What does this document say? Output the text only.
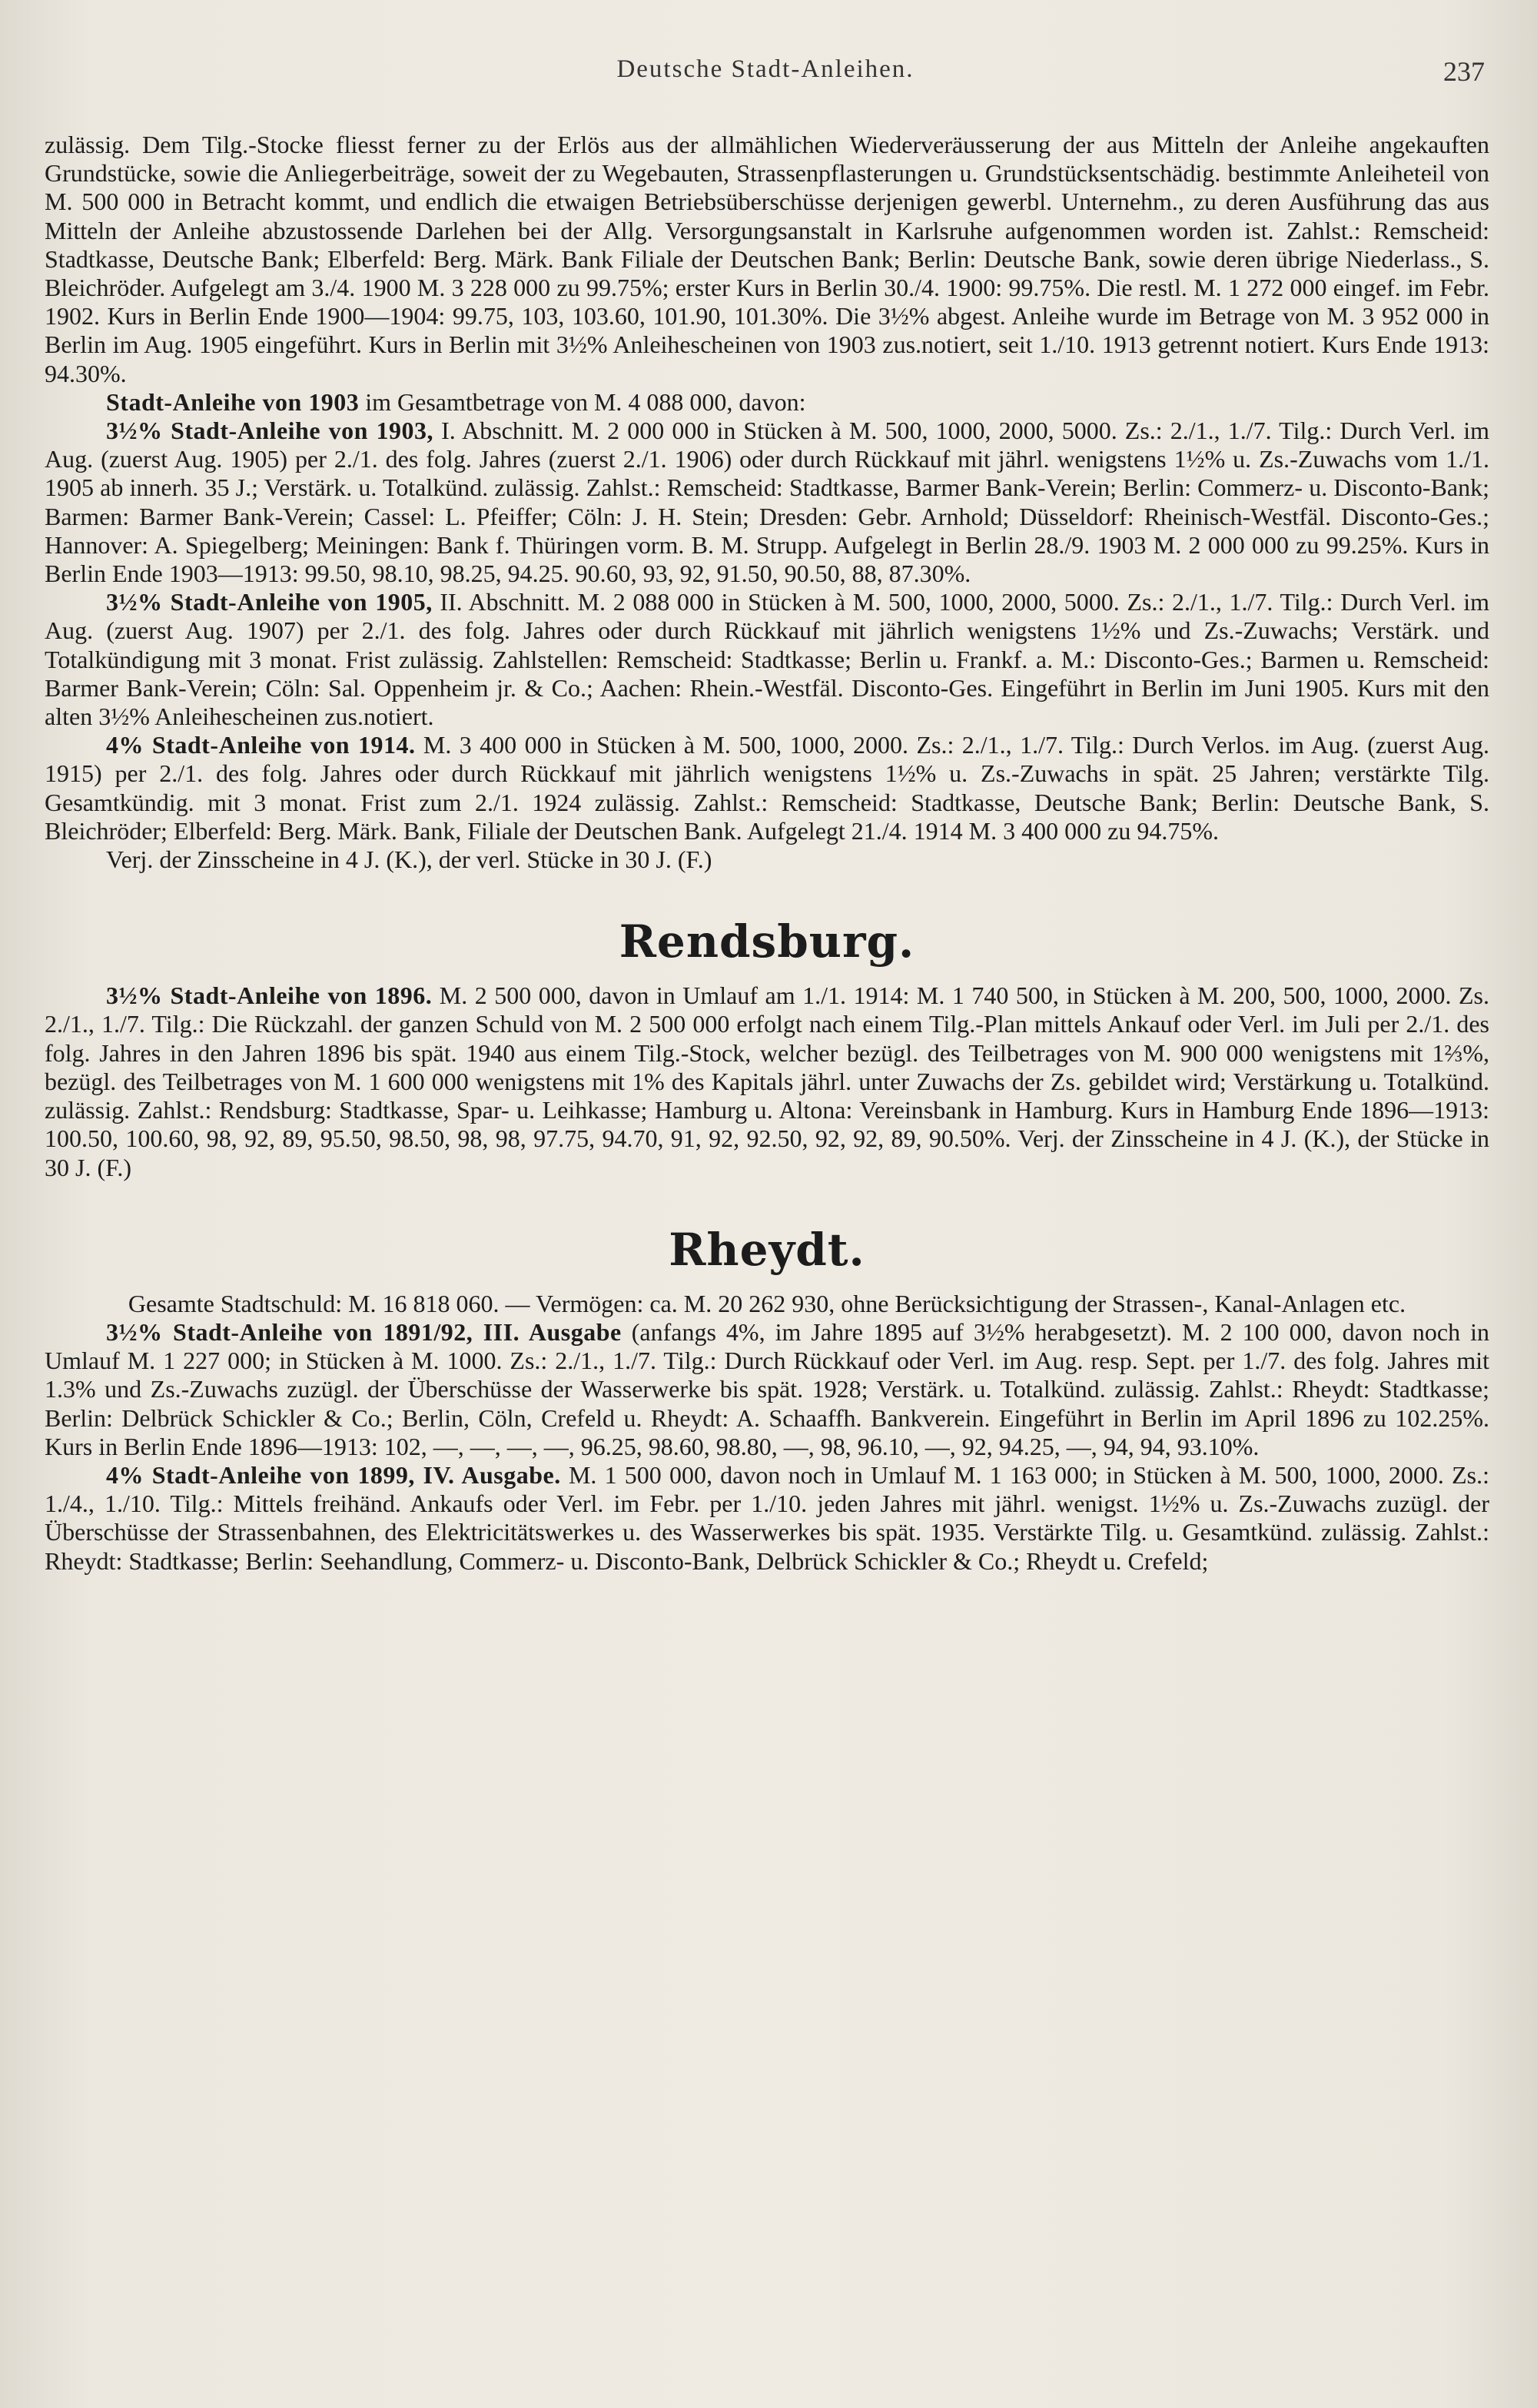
Deutsche Stadt-Anleihen.	237

zulässig. Dem Tilg.-Stocke fliesst ferner zu der Erlös aus der allmählichen Wiederveräusserung der aus Mitteln der Anleihe angekauften Grundstücke, sowie die Anliegerbeiträge, soweit der zu Wegebauten, Strassenpflasterungen u. Grundstücksentschädig. bestimmte Anleiheteil von M. 500 000 in Betracht kommt, und endlich die etwaigen Betriebsüberschüsse derjenigen gewerbl. Unternehm., zu deren Ausführung das aus Mitteln der Anleihe abzustossende Darlehen bei der Allg. Versorgungsanstalt in Karlsruhe aufgenommen worden ist. Zahlst.: Remscheid: Stadtkasse, Deutsche Bank; Elberfeld: Berg. Märk. Bank Filiale der Deutschen Bank; Berlin: Deutsche Bank, sowie deren übrige Niederlass., S. Bleichröder. Aufgelegt am 3./4. 1900 M. 3 228 000 zu 99.75%; erster Kurs in Berlin 30./4. 1900: 99.75%. Die restl. M. 1 272 000 eingef. im Febr. 1902. Kurs in Berlin Ende 1900—1904: 99.75, 103, 103.60, 101.90, 101.30%. Die 3½% abgest. Anleihe wurde im Betrage von M. 3 952 000 in Berlin im Aug. 1905 eingeführt. Kurs in Berlin mit 3½% Anleihescheinen von 1903 zus.notiert, seit 1./10. 1913 getrennt notiert. Kurs Ende 1913: 94.30%.

Stadt-Anleihe von 1903 im Gesamtbetrage von M. 4 088 000, davon:

3½% Stadt-Anleihe von 1903, I. Abschnitt. M. 2 000 000 in Stücken à M. 500, 1000, 2000, 5000. Zs.: 2./1., 1./7. Tilg.: Durch Verl. im Aug. (zuerst Aug. 1905) per 2./1. des folg. Jahres (zuerst 2./1. 1906) oder durch Rückkauf mit jährl. wenigstens 1½% u. Zs.-Zuwachs vom 1./1. 1905 ab innerh. 35 J.; Verstärk. u. Totalkünd. zulässig. Zahlst.: Remscheid: Stadtkasse, Barmer Bank-Verein; Berlin: Commerz- u. Disconto-Bank; Barmen: Barmer Bank-Verein; Cassel: L. Pfeiffer; Cöln: J. H. Stein; Dresden: Gebr. Arnhold; Düsseldorf: Rheinisch-Westfäl. Disconto-Ges.; Hannover: A. Spiegelberg; Meiningen: Bank f. Thüringen vorm. B. M. Strupp. Aufgelegt in Berlin 28./9. 1903 M. 2 000 000 zu 99.25%. Kurs in Berlin Ende 1903—1913: 99.50, 98.10, 98.25, 94.25. 90.60, 93, 92, 91.50, 90.50, 88, 87.30%.

3½% Stadt-Anleihe von 1905, II. Abschnitt. M. 2 088 000 in Stücken à M. 500, 1000, 2000, 5000. Zs.: 2./1., 1./7. Tilg.: Durch Verl. im Aug. (zuerst Aug. 1907) per 2./1. des folg. Jahres oder durch Rückkauf mit jährlich wenigstens 1½% und Zs.-Zuwachs; Verstärk. und Totalkündigung mit 3 monat. Frist zulässig. Zahlstellen: Remscheid: Stadtkasse; Berlin u. Frankf. a. M.: Disconto-Ges.; Barmen u. Remscheid: Barmer Bank-Verein; Cöln: Sal. Oppenheim jr. & Co.; Aachen: Rhein.-Westfäl. Disconto-Ges. Eingeführt in Berlin im Juni 1905. Kurs mit den alten 3½% Anleihescheinen zus.notiert.

4% Stadt-Anleihe von 1914. M. 3 400 000 in Stücken à M. 500, 1000, 2000. Zs.: 2./1., 1./7. Tilg.: Durch Verlos. im Aug. (zuerst Aug. 1915) per 2./1. des folg. Jahres oder durch Rückkauf mit jährlich wenigstens 1½% u. Zs.-Zuwachs in spät. 25 Jahren; verstärkte Tilg. Gesamtkündig. mit 3 monat. Frist zum 2./1. 1924 zulässig. Zahlst.: Remscheid: Stadtkasse, Deutsche Bank; Berlin: Deutsche Bank, S. Bleichröder; Elberfeld: Berg. Märk. Bank, Filiale der Deutschen Bank. Aufgelegt 21./4. 1914 M. 3 400 000 zu 94.75%.

Verj. der Zinsscheine in 4 J. (K.), der verl. Stücke in 30 J. (F.)

Rendsburg.

3½% Stadt-Anleihe von 1896. M. 2 500 000, davon in Umlauf am 1./1. 1914: M. 1 740 500, in Stücken à M. 200, 500, 1000, 2000. Zs. 2./1., 1./7. Tilg.: Die Rückzahl. der ganzen Schuld von M. 2 500 000 erfolgt nach einem Tilg.-Plan mittels Ankauf oder Verl. im Juli per 2./1. des folg. Jahres in den Jahren 1896 bis spät. 1940 aus einem Tilg.-Stock, welcher bezügl. des Teilbetrages von M. 900 000 wenigstens mit 1⅔%, bezügl. des Teilbetrages von M. 1 600 000 wenigstens mit 1% des Kapitals jährl. unter Zuwachs der Zs. gebildet wird; Verstärkung u. Totalkünd. zulässig. Zahlst.: Rendsburg: Stadtkasse, Spar- u. Leihkasse; Hamburg u. Altona: Vereinsbank in Hamburg. Kurs in Hamburg Ende 1896—1913: 100.50, 100.60, 98, 92, 89, 95.50, 98.50, 98, 98, 97.75, 94.70, 91, 92, 92.50, 92, 92, 89, 90.50%. Verj. der Zinsscheine in 4 J. (K.), der Stücke in 30 J. (F.)

Rheydt.

Gesamte Stadtschuld: M. 16 818 060. — Vermögen: ca. M. 20 262 930, ohne Berücksichtigung der Strassen-, Kanal-Anlagen etc.

3½% Stadt-Anleihe von 1891/92, III. Ausgabe (anfangs 4%, im Jahre 1895 auf 3½% herabgesetzt). M. 2 100 000, davon noch in Umlauf M. 1 227 000; in Stücken à M. 1000. Zs.: 2./1., 1./7. Tilg.: Durch Rückkauf oder Verl. im Aug. resp. Sept. per 1./7. des folg. Jahres mit 1.3% und Zs.-Zuwachs zuzügl. der Überschüsse der Wasserwerke bis spät. 1928; Verstärk. u. Totalkünd. zulässig. Zahlst.: Rheydt: Stadtkasse; Berlin: Delbrück Schickler & Co.; Berlin, Cöln, Crefeld u. Rheydt: A. Schaaffh. Bankverein. Eingeführt in Berlin im April 1896 zu 102.25%. Kurs in Berlin Ende 1896—1913: 102, —, —, —, —, 96.25, 98.60, 98.80, —, 98, 96.10, —, 92, 94.25, —, 94, 94, 93.10%.

4% Stadt-Anleihe von 1899, IV. Ausgabe. M. 1 500 000, davon noch in Umlauf M. 1 163 000; in Stücken à M. 500, 1000, 2000. Zs.: 1./4., 1./10. Tilg.: Mittels freihänd. Ankaufs oder Verl. im Febr. per 1./10. jeden Jahres mit jährl. wenigst. 1½% u. Zs.-Zuwachs zuzügl. der Überschüsse der Strassenbahnen, des Elektricitätswerkes u. des Wasserwerkes bis spät. 1935. Verstärkte Tilg. u. Gesamtkünd. zulässig. Zahlst.: Rheydt: Stadtkasse; Berlin: Seehandlung, Commerz- u. Disconto-Bank, Delbrück Schickler & Co.; Rheydt u. Crefeld;
